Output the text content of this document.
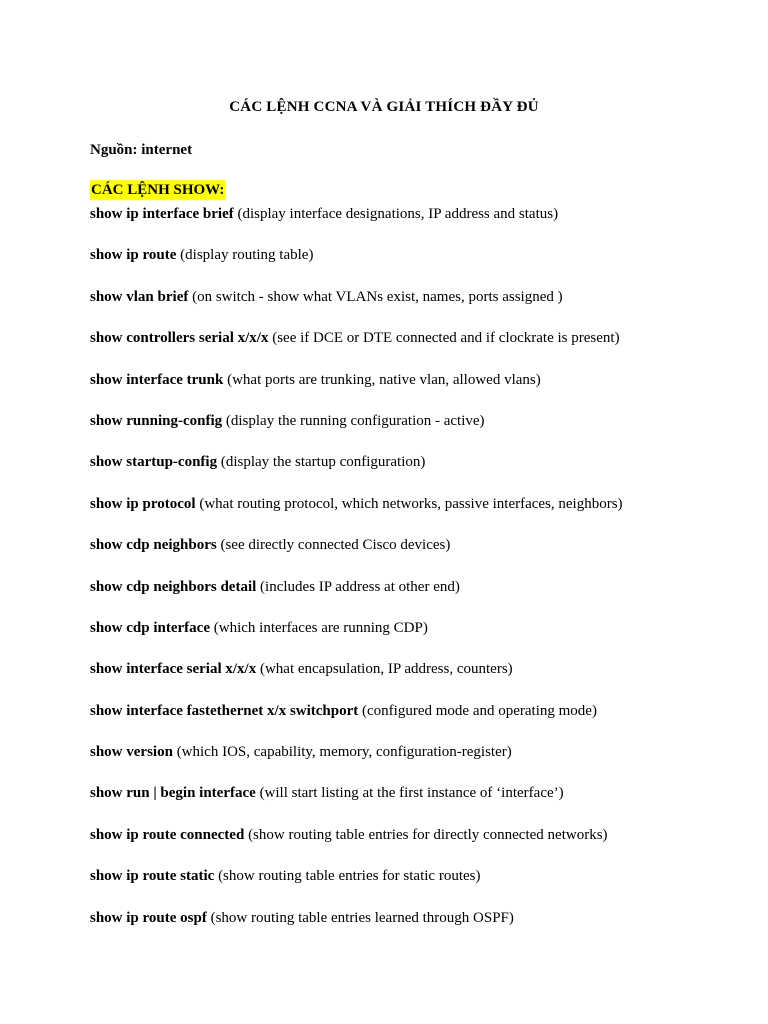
CÁC LỆNH CCNA VÀ GIẢI THÍCH ĐẦY ĐỦ
Nguồn: internet
CÁC LỆNH SHOW:
show ip interface brief (display interface designations, IP address and status)
show ip route (display routing table)
show vlan brief (on switch - show what VLANs exist, names, ports assigned )
show controllers serial x/x/x (see if DCE or DTE connected and if clockrate is present)
show interface trunk (what ports are trunking, native vlan, allowed vlans)
show running-config (display the running configuration - active)
show startup-config (display the startup configuration)
show ip protocol (what routing protocol, which networks, passive interfaces, neighbors)
show cdp neighbors (see directly connected Cisco devices)
show cdp neighbors detail (includes IP address at other end)
show cdp interface (which interfaces are running CDP)
show interface serial x/x/x (what encapsulation, IP address, counters)
show interface fastethernet x/x switchport (configured mode and operating mode)
show version (which IOS, capability, memory, configuration-register)
show run | begin interface (will start listing at the first instance of ‘interface’)
show ip route connected (show routing table entries for directly connected networks)
show ip route static (show routing table entries for static routes)
show ip route ospf (show routing table entries learned through OSPF)
